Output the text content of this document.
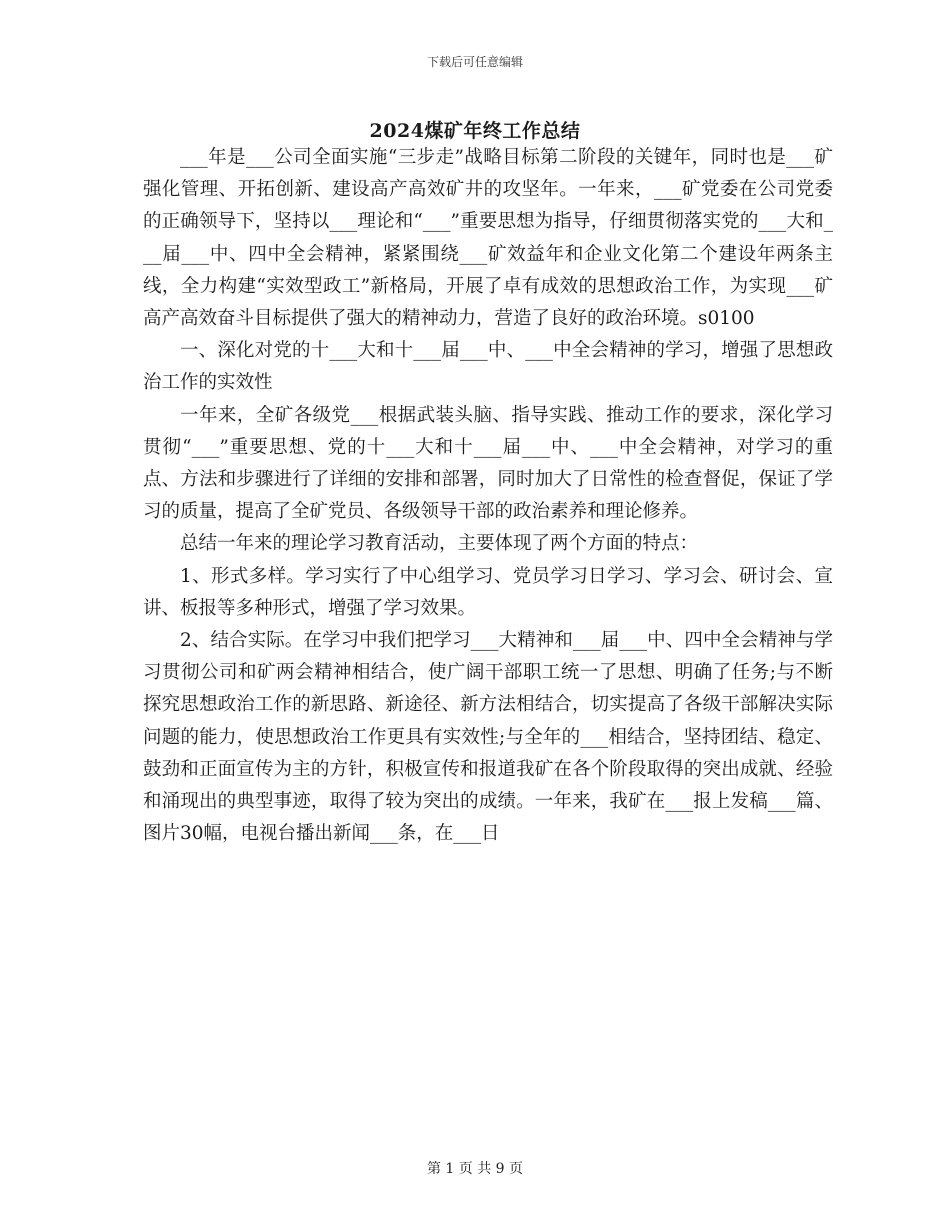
下载后可任意编辑
2024煤矿年终工作总结

___年是___公司全面实施“三步走”战略目标第二阶段的关键年，同时也是___矿强化管理、开拓创新、建设高产高效矿井的攻坚年。一年来，___矿党委在公司党委的正确领导下，坚持以___理论和“___”重要思想为指导，仔细贯彻落实党的___大和___届___中、四中全会精神，紧紧围绕___矿效益年和企业文化第二个建设年两条主线，全力构建“实效型政工”新格局，开展了卓有成效的思想政治工作，为实现___矿高产高效奋斗目标提供了强大的精神动力，营造了良好的政治环境。s0100

一、深化对党的十___大和十___届___中、___中全会精神的学习，增强了思想政治工作的实效性

一年来，全矿各级党___根据武装头脑、指导实践、推动工作的要求，深化学习贯彻“___”重要思想、党的十___大和十___届___中、___中全会精神，对学习的重点、方法和步骤进行了详细的安排和部署，同时加大了日常性的检查督促，保证了学习的质量，提高了全矿党员、各级领导干部的政治素养和理论修养。

总结一年来的理论学习教育活动，主要体现了两个方面的特点：

1、形式多样。学习实行了中心组学习、党员学习日学习、学习会、研讨会、宣讲、板报等多种形式，增强了学习效果。

2、结合实际。在学习中我们把学习___大精神和___届___中、四中全会精神与学习贯彻公司和矿两会精神相结合，使广阔干部职工统一了思想、明确了任务;与不断探究思想政治工作的新思路、新途径、新方法相结合，切实提高了各级干部解决实际问题的能力，使思想政治工作更具有实效性;与全年的___相结合，坚持团结、稳定、鼓劲和正面宣传为主的方针，积极宣传和报道我矿在各个阶段取得的突出成就、经验和涌现出的典型事迹，取得了较为突出的成绩。一年来，我矿在___报上发稿___篇、图片30幅，电视台播出新闻___条，在___日

第 1 页 共 9 页
